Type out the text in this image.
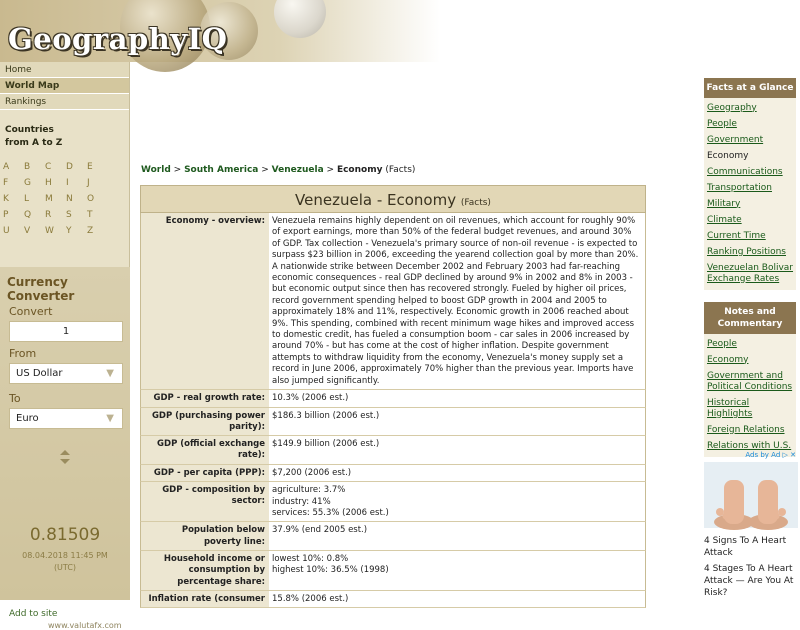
GeographyIQ
Home
World Map
Rankings
Countries
from A to Z
A B C D EF G H I JK L M N OP Q R S TU V W Y Z
Currency Converter
Convert
1
From
US Dollar	▼
To
Euro	▼
0.81509
08.04.2018 11:45 PM
(UTC)
Add to site
www.valutafx.com
World > South America > Venezuela > Economy (Facts)
Venezuela - Economy (Facts)
Economy - overview: Venezuela remains highly dependent on oil revenues, which account for roughly 90% of export earnings, more than 50% of the federal budget revenues, and around 30% of GDP. Tax collection - Venezuela's primary source of non-oil revenue - is expected to surpass $23 billion in 2006, exceeding the yearend collection goal by more than 20%. A nationwide strike between December 2002 and February 2003 had far-reaching economic consequences - real GDP declined by around 9% in 2002 and 8% in 2003 - but economic output since then has recovered strongly. Fueled by higher oil prices, record government spending helped to boost GDP growth in 2004 and 2005 to approximately 18% and 11%, respectively. Economic growth in 2006 reached about 9%. This spending, combined with recent minimum wage hikes and improved access to domestic credit, has fueled a consumption boom - car sales in 2006 increased by around 70% - but has come at the cost of higher inflation. Despite government attempts to withdraw liquidity from the economy, Venezuela's money supply set a record in June 2006, approximately 70% higher than the previous year. Imports have also jumped significantly.
GDP - real growth rate: 10.3% (2006 est.)
GDP (purchasing power parity):
$186.3 billion (2006 est.)
GDP (official exchange rate):
$149.9 billion (2006 est.)
GDP - per capita (PPP): $7,200 (2006 est.)
GDP - composition by sector:
agriculture: 3.7%
industry: 41%
services: 55.3% (2006 est.)
Population below poverty line:
37.9% (end 2005 est.)
Household income or consumption by percentage share:
lowest 10%: 0.8%
highest 10%: 36.5% (1998)
Inflation rate (consumer 15.8% (2006 est.)
Facts at a Glance
Geography
People
Government
Economy
Communications
Transportation
Military
Climate
Current Time
Ranking Positions
Venezuelan Bolivar Exchange Rates
Notes and Commentary
People
Economy
Government and Political Conditions
Historical Highlights
Foreign Relations
Relations with U.S.
Ads by Ad ▷ ✕
4 Signs To A Heart Attack
4 Stages To A Heart Attack — Are You At Risk?
